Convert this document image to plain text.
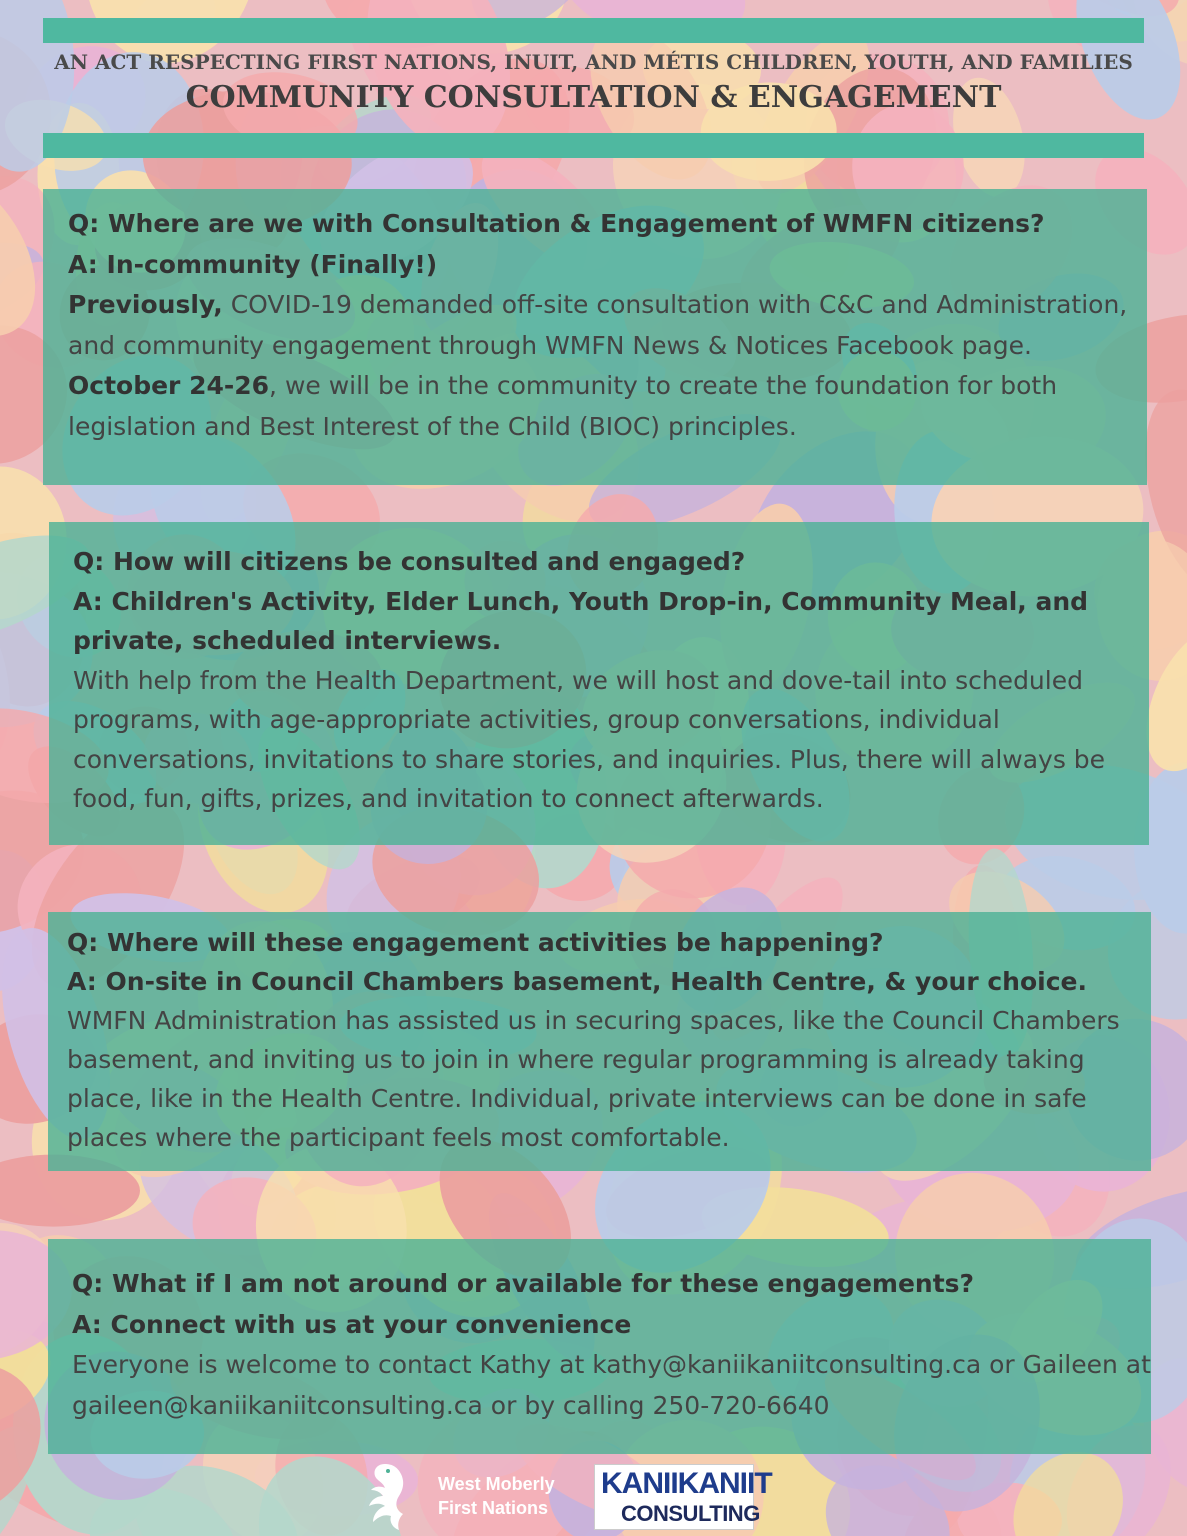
AN ACT RESPECTING FIRST NATIONS, INUIT, AND MÉTIS CHILDREN, YOUTH, AND FAMILIES
COMMUNITY CONSULTATION & ENGAGEMENT
Q: Where are we with Consultation & Engagement of WMFN citizens?
A: In-community (Finally!)
Previously, COVID-19 demanded off-site consultation with C&C and Administration, and community engagement through WMFN News & Notices Facebook page. October 24-26, we will be in the community to create the foundation for both legislation and Best Interest of the Child (BIOC) principles.
Q: How will citizens be consulted and engaged?
A: Children's Activity, Elder Lunch, Youth Drop-in, Community Meal, and private, scheduled interviews.
With help from the Health Department, we will host and dove-tail into scheduled programs, with age-appropriate activities, group conversations, individual conversations, invitations to share stories, and inquiries. Plus, there will always be food, fun, gifts, prizes, and invitation to connect afterwards.
Q: Where will these engagement activities be happening?
A: On-site in Council Chambers basement, Health Centre, & your choice.
WMFN Administration has assisted us in securing spaces, like the Council Chambers basement, and inviting us to join in where regular programming is already taking place, like in the Health Centre. Individual, private interviews can be done in safe places where the participant feels most comfortable.
Q: What if I am not around or available for these engagements?
A: Connect with us at your convenience
Everyone is welcome to contact Kathy at kathy@kaniikaniitconsulting.ca or Gaileen at gaileen@kaniikaniitconsulting.ca or by calling 250-720-6640
West Moberly
First Nations
KANIIKANIIT
CONSULTING
